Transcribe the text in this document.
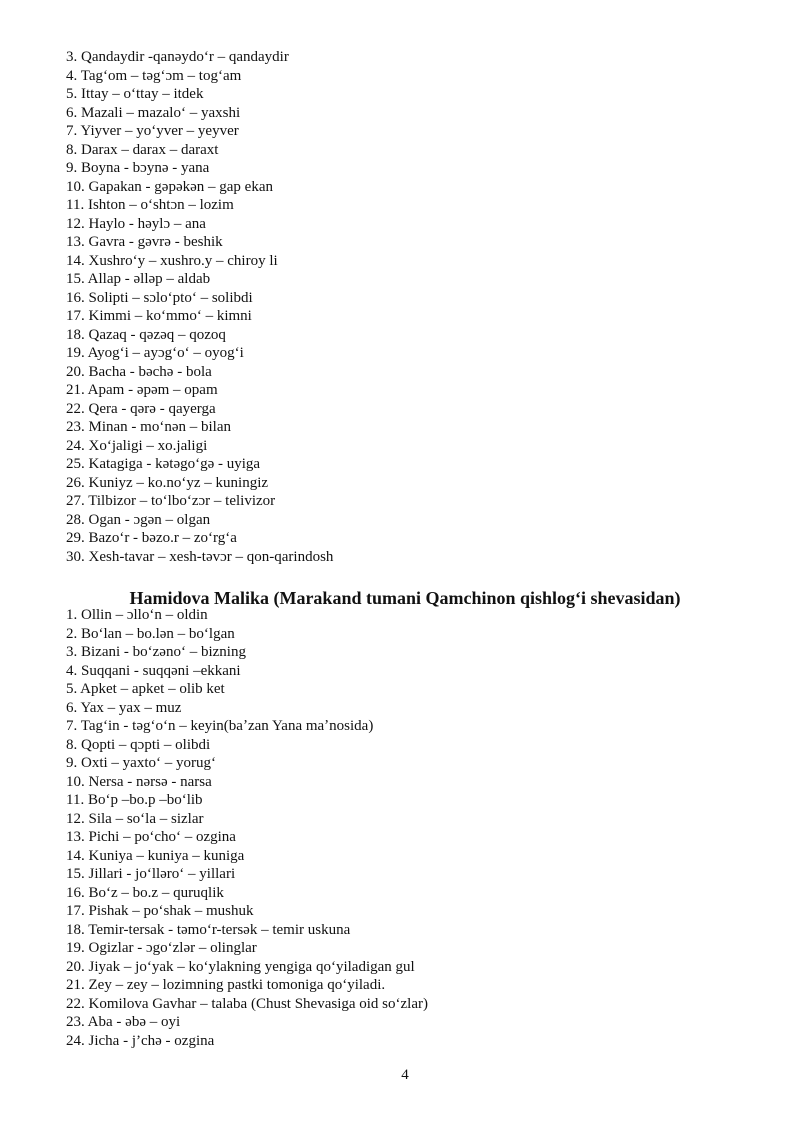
3. Qandaydir -qanəydoʻr – qandaydir
4. Tagʻom – təgʻɔm – togʻam
5. Ittay – oʻttay – itdek
6. Mazali – mazaloʻ – yaxshi
7. Yiyver – yoʻyver – yeyver
8. Darax – darax – daraxt
9. Boyna - bɔynə - yana
10. Gapakan - gəpəkən – gap ekan
11. Ishton – oʻshtɔn – lozim
12. Haylo - həylɔ – ana
13. Gavra - gəvrə - beshik
14. Xushroʻy – xushro.y – chiroy li
15. Allap - əlləp – aldab
16. Solipti – sɔloʻptoʻ – solibdi
17. Kimmi – koʻmmoʻ – kimni
18. Qazaq - qəzəq – qozoq
19. Ayogʻi – ayɔgʻoʻ – oyogʻi
20. Bacha - bəchə - bola
21. Apam - əpəm – opam
22. Qera - qərə - qayerga
23. Minan - moʻnən – bilan
24. Xoʻjaligi – xo.jaligi
25. Katagiga - kətəgoʻgə - uyiga
26. Kuniyz – ko.noʻyz – kuningiz
27. Tilbizor – toʻlboʻzɔr – telivizor
28. Ogan - ɔgən – olgan
29. Bazoʻr - bəzo.r – zoʻrgʻa
30. Xesh-tavar – xesh-təvɔr – qon-qarindosh
Hamidova Malika (Marakand tumani Qamchinon qishlogʻi shevasidan)
1. Ollin – ɔlloʻn – oldin
2. Boʻlan – bo.lən – boʻlgan
3. Bizani - boʻzənoʻ – bizning
4. Suqqani - suqqəni –ekkani
5. Apket – apket – olib ket
6. Yax – yax – muz
7. Tagʻin - təgʻoʻn – keyin(baʼzan Yana maʼnosida)
8. Qopti – qɔpti – olibdi
9. Oxti – yaxtoʻ – yorugʻ
10. Nersa - nərsə - narsa
11. Boʻp –bo.p –boʻlib
12. Sila – soʻla – sizlar
13. Pichi – poʻchoʻ – ozgina
14. Kuniya – kuniya – kuniga
15. Jillari - joʻlləroʻ – yillari
16. Boʻz – bo.z – quruqlik
17. Pishak – poʻshak – mushuk
18. Temir-tersak - təmoʻr-tersək – temir uskuna
19. Ogizlar - ɔgoʻzlər – olinglar
20. Jiyak – joʻyak – koʻylakning yengiga qoʻyiladigan gul
21. Zey – zey – lozimning pastki tomoniga qoʻyiladi.
22. Komilova Gavhar – talaba (Chust Shevasiga oid soʻzlar)
23. Aba - əbə – oyi
24. Jicha - j’chə - ozgina
4
